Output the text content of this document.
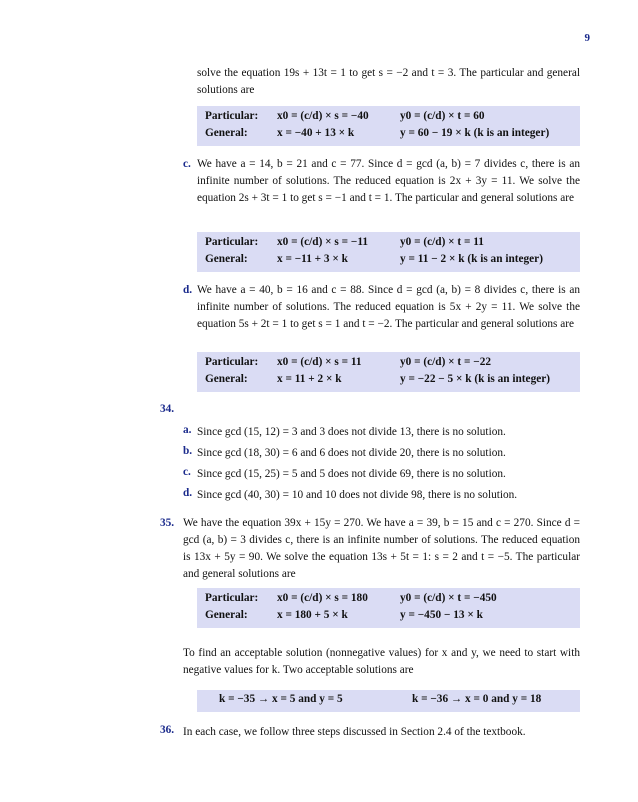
9
solve the equation 19s + 13t = 1 to get s = −2 and t = 3. The particular and general solutions are
Particular: x0 = (c/d) × s = −40	y0 = (c/d) × t = 60
General:	x = −40 + 13 × k	y = 60 − 19 × k (k is an integer)
c. We have a = 14, b = 21 and c = 77. Since d = gcd (a, b) = 7 divides c, there is an infinite number of solutions. The reduced equation is 2x + 3y = 11. We solve the equation 2s + 3t = 1 to get s = −1 and t = 1. The particular and general solutions are
Particular: x0 = (c/d) × s = −11	y0 = (c/d) × t = 11
General:	x = −11 + 3 × k	y = 11 − 2 × k (k is an integer)
d. We have a = 40, b = 16 and c = 88. Since d = gcd (a, b) = 8 divides c, there is an infinite number of solutions. The reduced equation is 5x + 2y = 11. We solve the equation 5s + 2t = 1 to get s = 1 and t = −2. The particular and general solutions are
Particular: x0 = (c/d) × s = 11	y0 = (c/d) × t = −22
General:	x = 11 + 2 × k	y = −22 − 5 × k (k is an integer)
34.
a. Since gcd (15, 12) = 3 and 3 does not divide 13, there is no solution.
b. Since gcd (18, 30) = 6 and 6 does not divide 20, there is no solution.
c. Since gcd (15, 25) = 5 and 5 does not divide 69, there is no solution.
d. Since gcd (40, 30) = 10 and 10 does not divide 98, there is no solution.
35. We have the equation 39x + 15y = 270. We have a = 39, b = 15 and c = 270. Since d = gcd (a, b) = 3 divides c, there is an infinite number of solutions. The reduced equation is 13x + 5y = 90. We solve the equation 13s + 5t = 1: s = 2 and t = −5. The particular and general solutions are
Particular: x0 = (c/d) × s = 180	y0 = (c/d) × t = −450
General:	x = 180 + 5 × k	y = −450 − 13 × k
To find an acceptable solution (nonnegative values) for x and y, we need to start with negative values for k. Two acceptable solutions are
k = −35 → x = 5 and y = 5	k = −36 → x = 0 and y = 18
36. In each case, we follow three steps discussed in Section 2.4 of the textbook.
